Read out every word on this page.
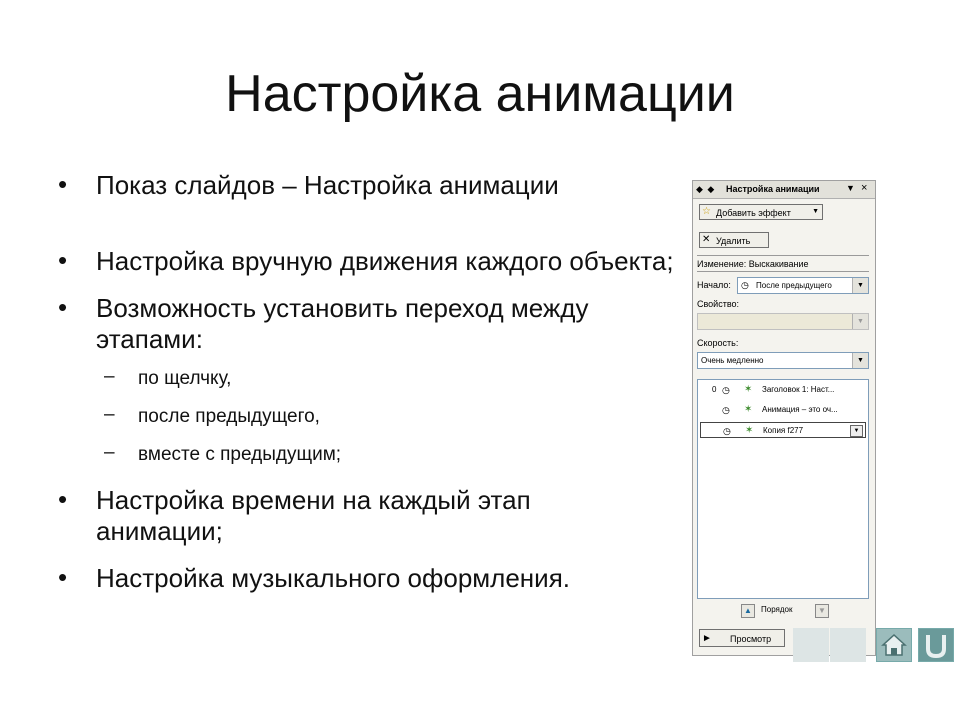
Настройка анимации
• Показ слайдов – Настройка анимации
• Настройка вручную движения каждого объекта;
• Возможность установить переход между этапами:
– по щелчку,
– после предыдущего,
– вместе с предыдущим;
• Настройка времени на каждый этап анимации;
• Настройка музыкального оформления.
◆ ◆ Настройка анимации	▼ ×
☆ Добавить эффект	▼
✕ Удалить
Изменение: Выскакивание
Начало: ◷ После предыдущего	▼
Свойство:
▼
Скорость:
Очень медленно	▼
0 ◷ ✶ Заголовок 1: Наст...
◷ ✶ Анимация – это оч...
◷ ✶ Копия f277	▼
▲	Порядок	▼
► Просмотр
